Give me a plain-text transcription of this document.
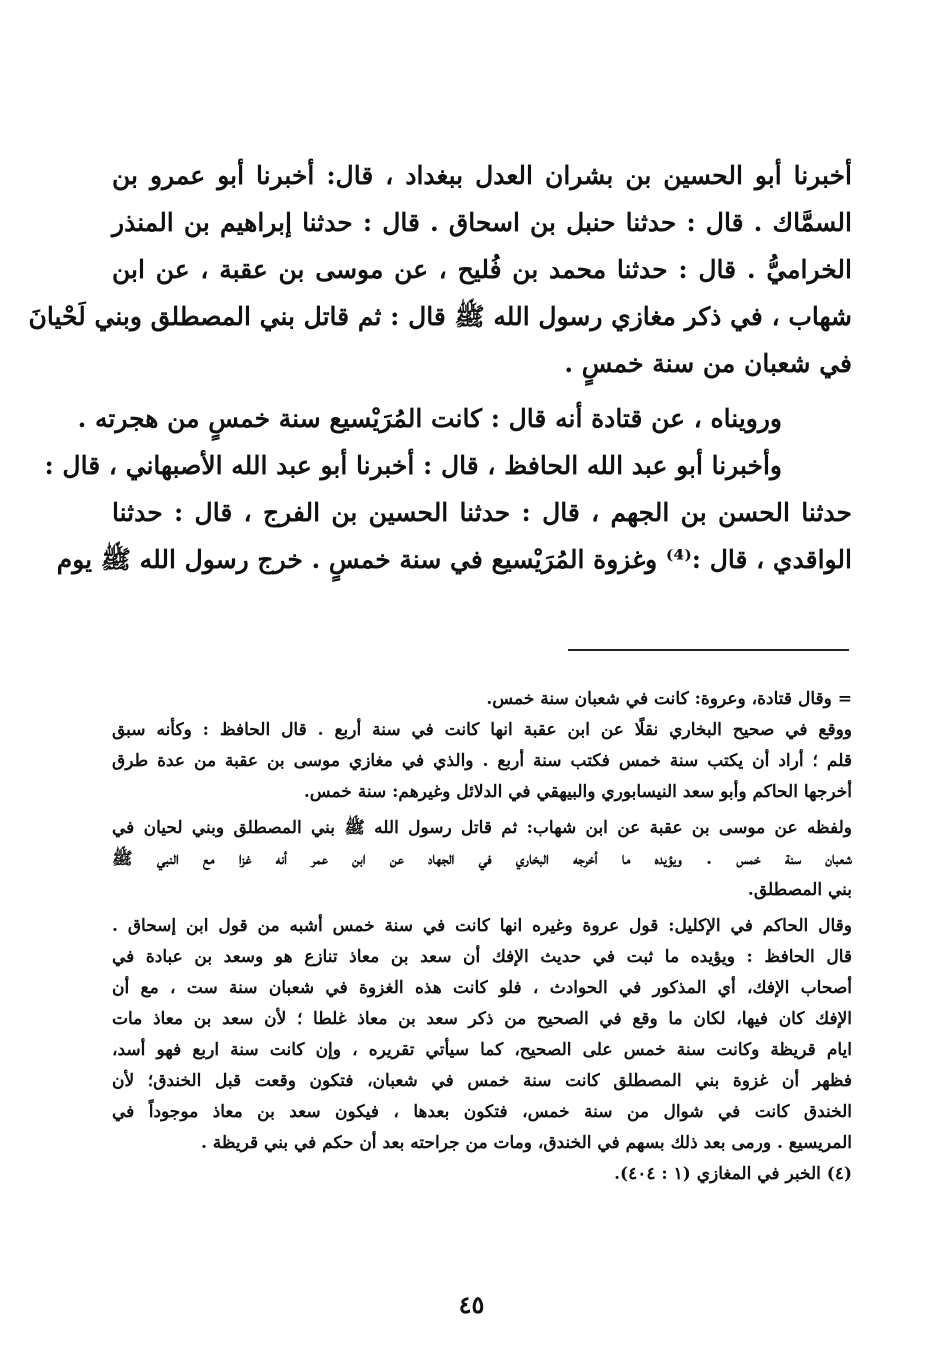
أخبرنا أبو الحسين بن بشران العدل ببغداد ، قال: أخبرنا أبو عمرو بن
السمَّاك . قال : حدثنا حنبل بن اسحاق . قال : حدثنا إبراهيم بن المنذر
الخراميُّ . قال : حدثنا محمد بن فُليح ، عن موسى بن عقبة ، عن ابن
شهاب ، في ذكر مغازي رسول الله ﷺ قال : ثم قاتل بني المصطلق وبني لَحْيانَ
في شعبان من سنة خمسٍ .
ورويناه ، عن قتادة أنه قال : كانت المُرَيْسيع سنة خمسٍ من هجرته .
وأخبرنا أبو عبد الله الحافظ ، قال : أخبرنا أبو عبد الله الأصبهاني ، قال :
حدثنا الحسن بن الجهم ، قال : حدثنا الحسين بن الفرج ، قال : حدثنا
الواقدي ، قال :⁽⁴⁾ وغزوة المُرَيْسيع في سنة خمسٍ . خرج رسول الله ﷺ يوم
= وقال قتادة، وعروة: كانت في شعبان سنة خمس.
ووقع في صحيح البخاري نقلًا عن ابن عقبة انها كانت في سنة أربع . قال الحافظ : وكأنه سبق
قلم ؛ أراد أن يكتب سنة خمس فكتب سنة أربع . والذي في مغازي موسى بن عقبة من عدة طرق
أخرجها الحاكم وأبو سعد النيسابوري والبيهقي في الدلائل وغيرهم: سنة خمس.
ولفظه عن موسى بن عقبة عن ابن شهاب: ثم قاتل رسول الله ﷺ بني المصطلق وبني لحيان في
شعبان سنة خمس . ويؤيده ما أخرجه البخاري في الجهاد عن ابن عمر أنه غزا مع النبي ﷺ
بني المصطلق.
وقال الحاكم في الإكليل: قول عروة وغيره انها كانت في سنة خمس أشبه من قول ابن إسحاق .
قال الحافظ : ويؤيده ما ثبت في حديث الإفك أن سعد بن معاذ تنازع هو وسعد بن عبادة في
أصحاب الإفك، أي المذكور في الحوادث ، فلو كانت هذه الغزوة في شعبان سنة ست ، مع أن
الإفك كان فيها، لكان ما وقع في الصحيح من ذكر سعد بن معاذ غلطا ؛ لأن سعد بن معاذ مات
ايام قريظة وكانت سنة خمس على الصحيح، كما سيأتي تقريره ، وإن كانت سنة اربع فهو أسد،
فظهر أن غزوة بني المصطلق كانت سنة خمس في شعبان، فتكون وقعت قبل الخندق؛ لأن
الخندق كانت في شوال من سنة خمس، فتكون بعدها ، فيكون سعد بن معاذ موجوداً في
المريسيع . ورمى بعد ذلك بسهم في الخندق، ومات من جراحته بعد أن حكم في بني قريظة .
(٤) الخبر في المغازي (١ : ٤٠٤).
٤٥
